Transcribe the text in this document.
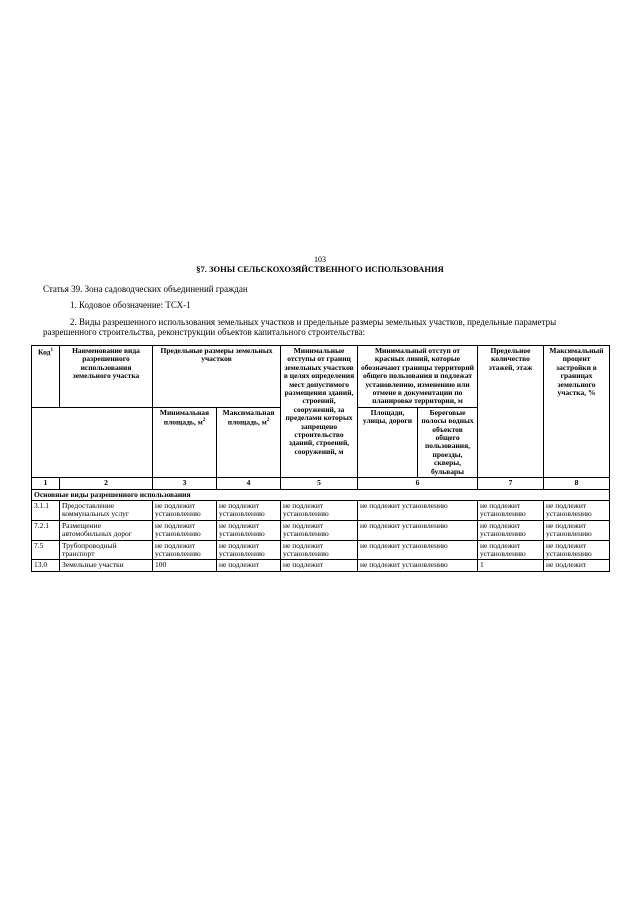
103
§7. ЗОНЫ СЕЛЬСКОХОЗЯЙСТВЕННОГО ИСПОЛЬЗОВАНИЯ
Статья 39. Зона садоводческих объединений граждан
1. Кодовое обозначение: ТСХ-1
2. Виды разрешенного использования земельных участков и предельные размеры земельных участков, предельные параметры разрешенного строительства, реконструкции объектов капитального строительства:
Код$^1$	Наименование вида разрешенного использования земельного участка	Предельные размеры земельных участков		Минимальные отступы от границ земельных участков в целях определения мест допустимого размещения зданий, строений, сооружений, за пределами которых запрещено строительство зданий, строений, сооружений, м	Минимальный отступ от красных линий, которые обозначают границы территорий общего пользования и подлежат установлению, изменению или отмене в документации по планировке территории, м		Предельное количество этажей, этаж	Максимальный процент застройки в границах земельного участка, %
		Минимальная площадь, $м^2$	Максимальная площадь, $м^2$		Площади, улицы, дороги	Береговые полосы водных объектов общего пользования, проезды, скверы, бульвары		

1	2	3	4	5	6		7	8
Основные виды разрешенного использования								
3.1.1	Предоставление коммунальных услуг	не подлежит установлению	не подлежит установлению	не подлежит установлению	не подлежит установлению		не подлежит установлению	не подлежит установлению
7.2.1	Размещение автомобильных дорог	не подлежит установлению	не подлежит установлению	не подлежит установлению	не подлежит установлению		не подлежит установлению	не подлежит установлению
7.5	Трубопроводный транспорт	не подлежит установлению	не подлежит установлению	не подлежит установлению	не подлежит установлению		не подлежит установлению	не подлежит установлению
13.0	Земельные участки	100	не подлежит	не подлежит	не подлежит установлению		1	не подлежит
